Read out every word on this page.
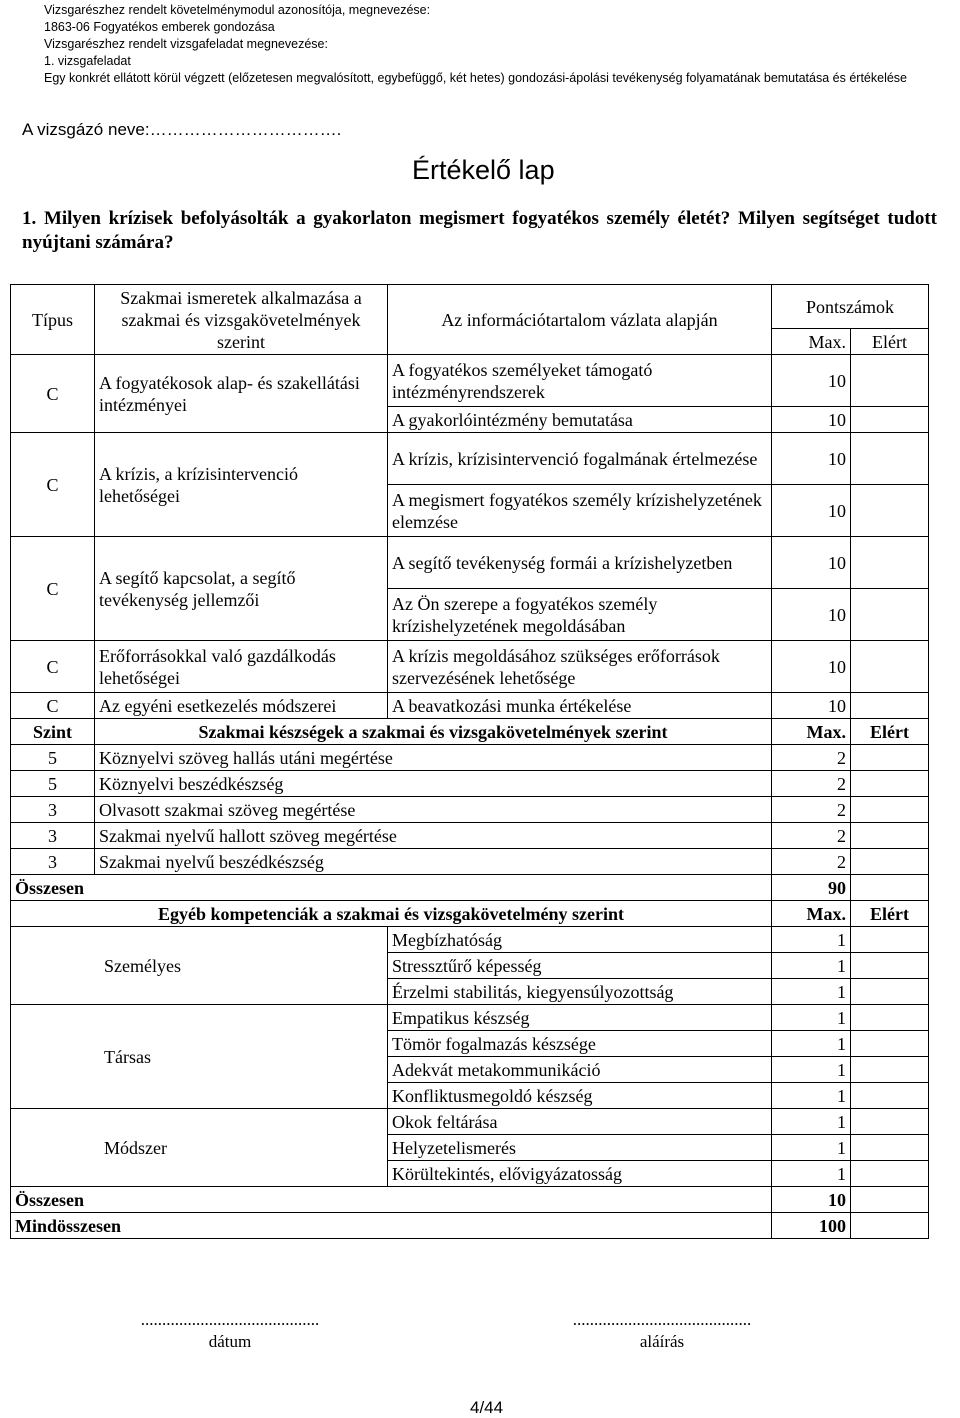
Vizsgarészhez rendelt követelménymodul azonosítója, megnevezése:
1863-06 Fogyatékos emberek gondozása
Vizsgarészhez rendelt vizsgafeladat megnevezése:
1. vizsgafeladat
Egy konkrét ellátott körül végzett (előzetesen megvalósított, egybefüggő, két hetes) gondozási-ápolási tevékenység folyamatának bemutatása és értékelése
A vizsgázó neve:…………………………….
Értékelő lap
1. Milyen krízisek befolyásolták a gyakorlaton megismert fogyatékos személy életét? Milyen segítséget tudott nyújtani számára?
Típus	Szakmai ismeretek alkalmazása a szakmai és vizsgakövetelmények szerint	Az információtartalom vázlata alapján	Pontszámok	
			Max.	Elért
C	A fogyatékosok alap- és szakellátási intézményei	A fogyatékos személyeket támogató intézményrendszerek	10	
		A gyakorlóintézmény bemutatása	10	
C	A krízis, a krízisintervenció lehetőségei	A krízis, krízisintervenció fogalmának értelmezése	10	
		A megismert fogyatékos személy krízishelyzetének elemzése	10	
C	A segítő kapcsolat, a segítő tevékenység jellemzői	A segítő tevékenység formái a krízishelyzetben	10	
		Az Ön szerepe a fogyatékos személy krízishelyzetének megoldásában	10	
C	Erőforrásokkal való gazdálkodás lehetőségei	A krízis megoldásához szükséges erőforrások szervezésének lehetősége	10	
C	Az egyéni esetkezelés módszerei	A beavatkozási munka értékelése	10	
Szint	Szakmai készségek a szakmai és vizsgakövetelmények szerint		Max.	Elért
5	Köznyelvi szöveg hallás utáni megértése		2	
5	Köznyelvi beszédkészség		2	
3	Olvasott szakmai szöveg megértése		2	
3	Szakmai nyelvű hallott szöveg megértése		2	
3	Szakmai nyelvű beszédkészség		2	
Összesen			90	
Egyéb kompetenciák a szakmai és vizsgakövetelmény szerint			Max.	Elért
Személyes		Megbízhatóság	1	
		Stressztűrő képesség	1	
		Érzelmi stabilitás, kiegyensúlyozottság	1	
Társas		Empatikus készség	1	
		Tömör fogalmazás készsége	1	
		Adekvát metakommunikáció	1	
		Konfliktusmegoldó készség	1	
Módszer		Okok feltárása	1	
		Helyzetelismerés	1	
		Körültekintés, elővigyázatosság	1	
Összesen			10	
Mindösszesen			100	
..........................................
dátum
..........................................
aláírás
4/44
